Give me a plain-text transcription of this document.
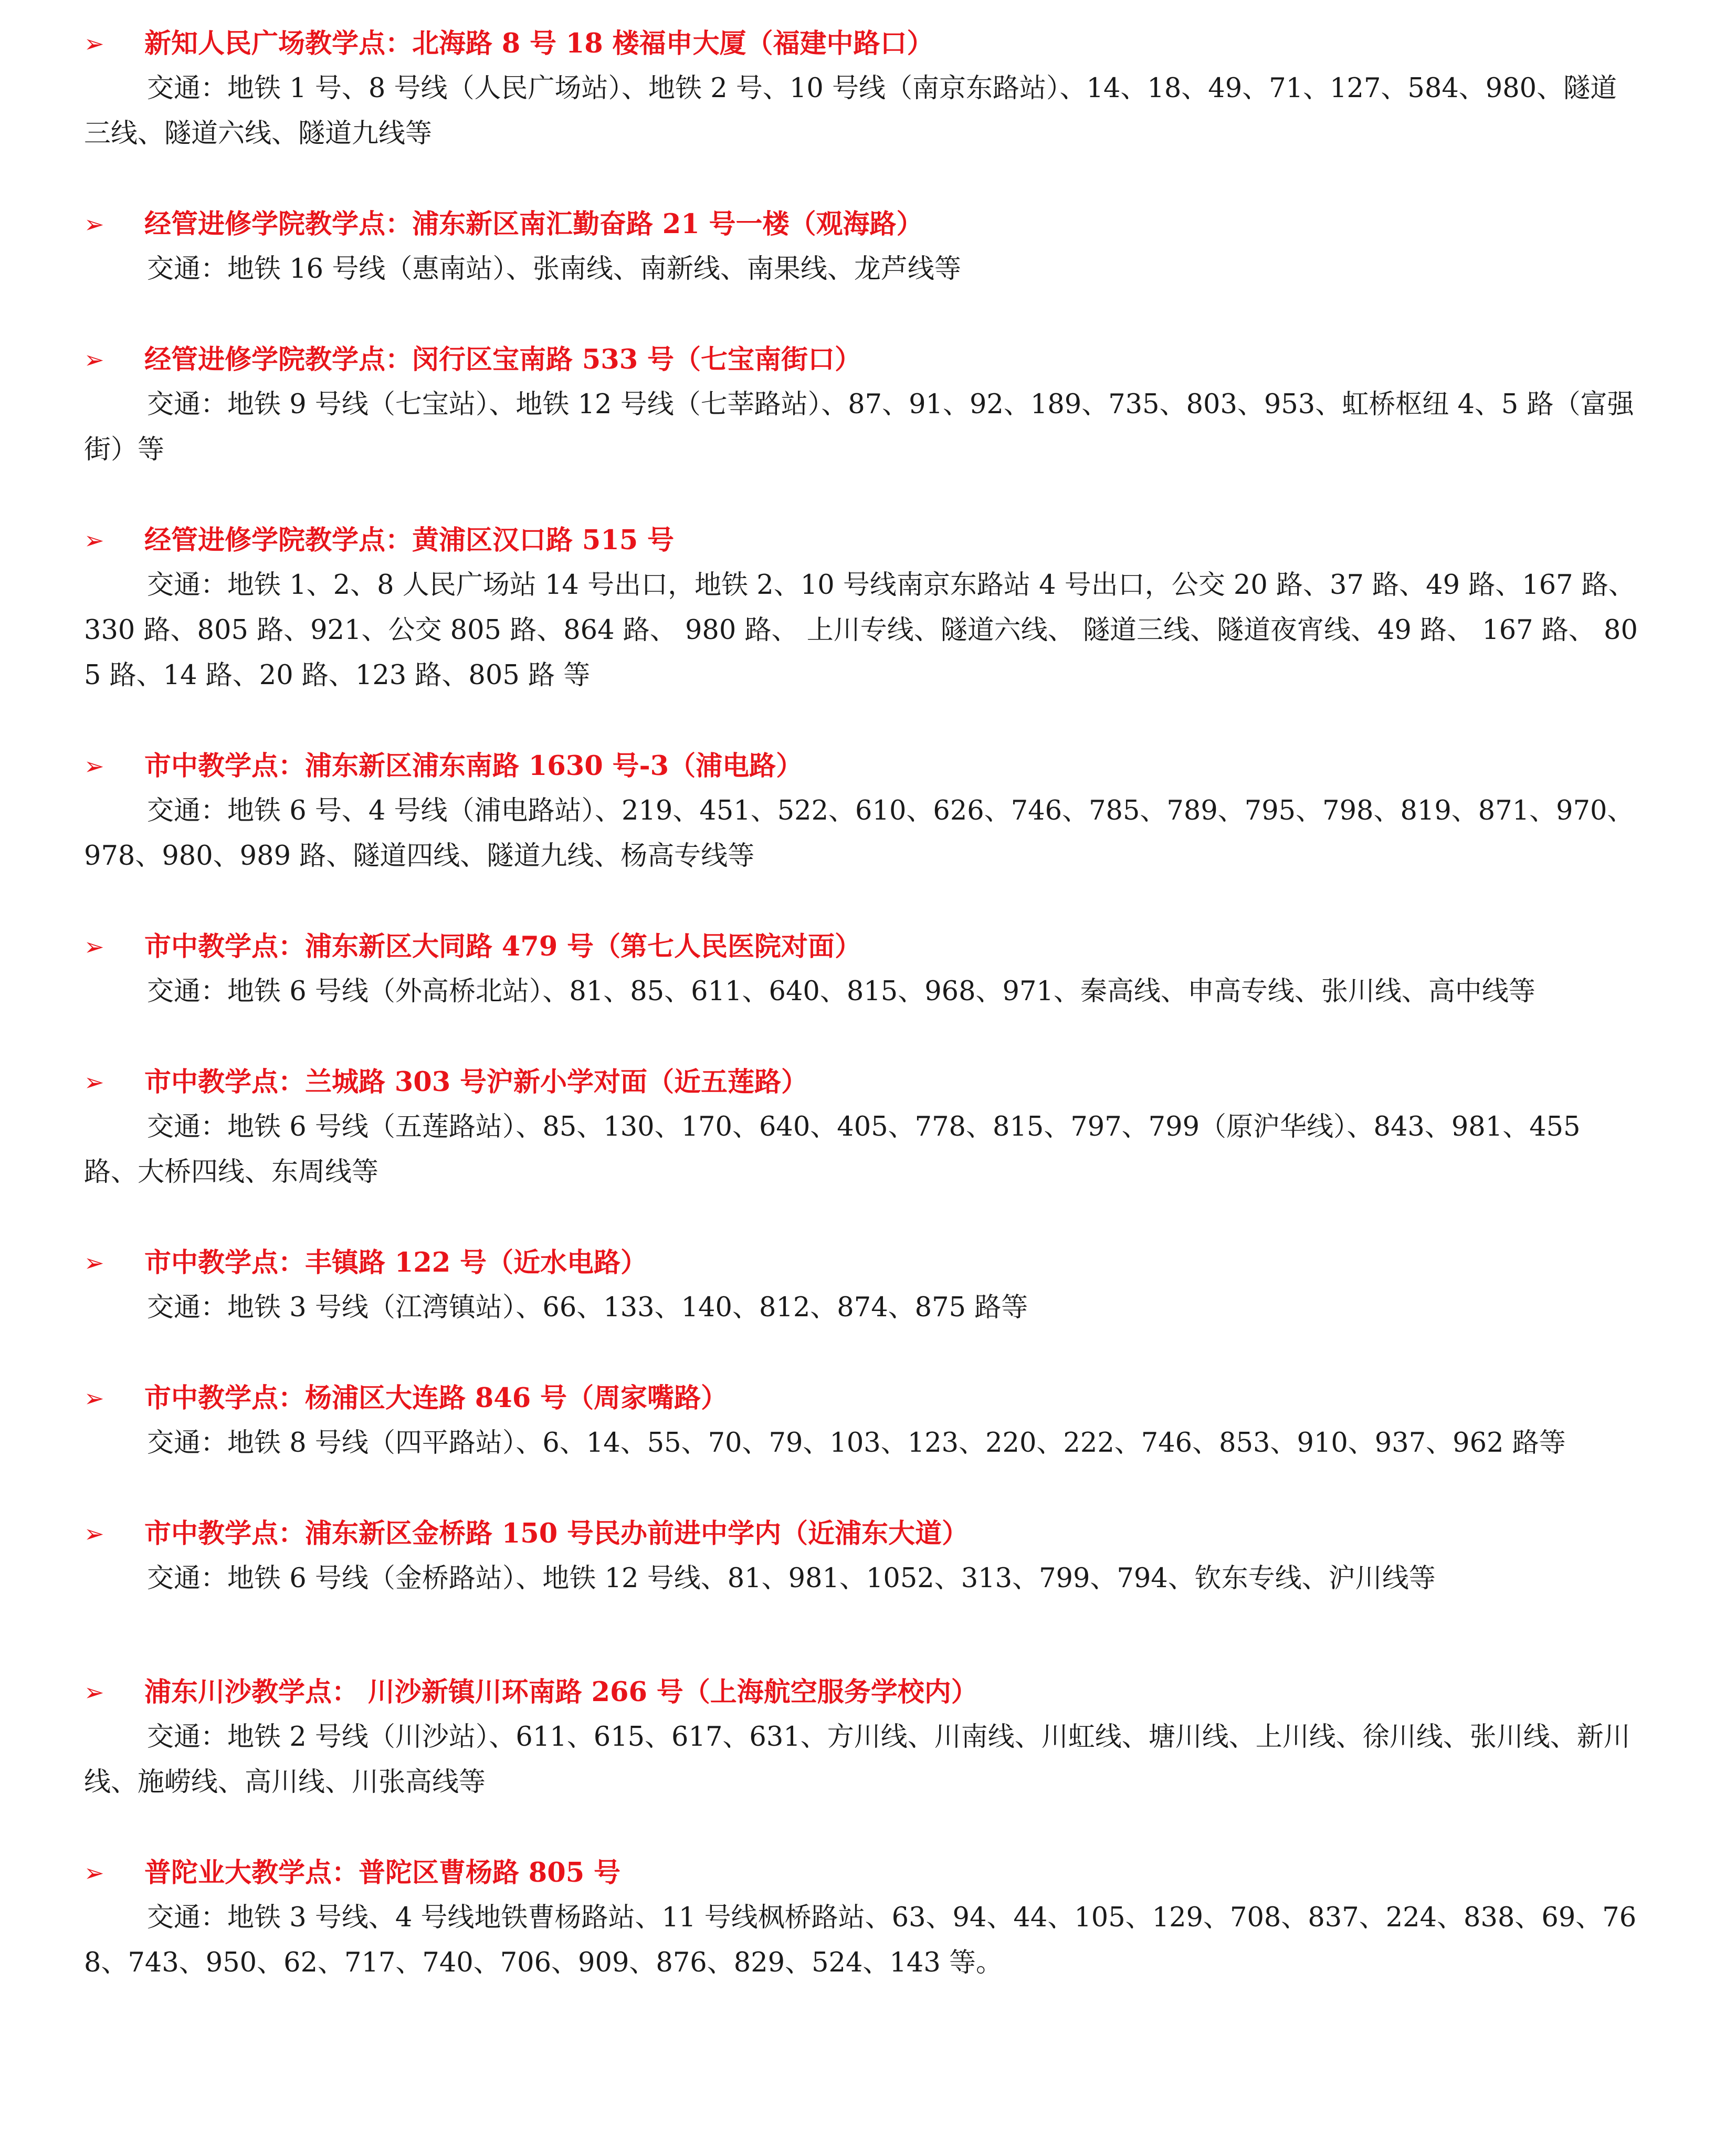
➢	新知人民广场教学点：北海路 8 号 18 楼福申大厦（福建中路口）

交通：地铁 1 号、8 号线（人民广场站）、地铁 2 号、10 号线（南京东路站）、14、18、49、71、127、584、980、隧道三线、隧道六线、隧道九线等

➢	经管进修学院教学点：浦东新区南汇勤奋路 21 号一楼（观海路）

交通：地铁 16 号线（惠南站）、张南线、南新线、南果线、龙芦线等

➢	经管进修学院教学点：闵行区宝南路 533 号（七宝南街口）

交通：地铁 9 号线（七宝站）、地铁 12 号线（七莘路站）、87、91、92、189、735、803、953、虹桥枢纽 4、5 路（富强街）等

➢	经管进修学院教学点：黄浦区汉口路 515 号

交通：地铁 1、2、8 人民广场站 14 号出口，地铁 2、10 号线南京东路站 4 号出口，公交 20 路、37 路、49 路、167 路、330 路、805 路、921、公交 805 路、864 路、 980 路、 上川专线、隧道六线、 隧道三线、隧道夜宵线、49 路、 167 路、 805 路、14 路、20 路、123 路、805 路 等

➢	市中教学点：浦东新区浦东南路 1630 号-3（浦电路）

交通：地铁 6 号、4 号线（浦电路站）、219、451、522、610、626、746、785、789、795、798、819、871、970、978、980、989 路、隧道四线、隧道九线、杨高专线等

➢	市中教学点：浦东新区大同路 479 号（第七人民医院对面）

交通：地铁 6 号线（外高桥北站）、81、85、611、640、815、968、971、秦高线、申高专线、张川线、高中线等

➢	市中教学点：兰城路 303 号沪新小学对面（近五莲路）

交通：地铁 6 号线（五莲路站）、85、130、170、640、405、778、815、797、799（原沪华线）、843、981、455 路、大桥四线、东周线等

➢	市中教学点：丰镇路 122 号（近水电路）

交通：地铁 3 号线（江湾镇站）、66、133、140、812、874、875 路等

➢	市中教学点：杨浦区大连路 846 号（周家嘴路）

交通：地铁 8 号线（四平路站）、6、14、55、70、79、103、123、220、222、746、853、910、937、962 路等

➢	市中教学点：浦东新区金桥路 150 号民办前进中学内（近浦东大道）

交通：地铁 6 号线（金桥路站）、地铁 12 号线、81、981、1052、313、799、794、钦东专线、沪川线等

➢	浦东川沙教学点： 川沙新镇川环南路 266 号（上海航空服务学校内）

交通：地铁 2 号线（川沙站）、611、615、617、631、方川线、川南线、川虹线、塘川线、上川线、徐川线、张川线、新川线、施崂线、高川线、川张高线等

➢	普陀业大教学点：普陀区曹杨路 805 号

交通：地铁 3 号线、4 号线地铁曹杨路站、11 号线枫桥路站、63、94、44、105、129、708、837、224、838、69、768、743、950、62、717、740、706、909、876、829、524、143 等。
